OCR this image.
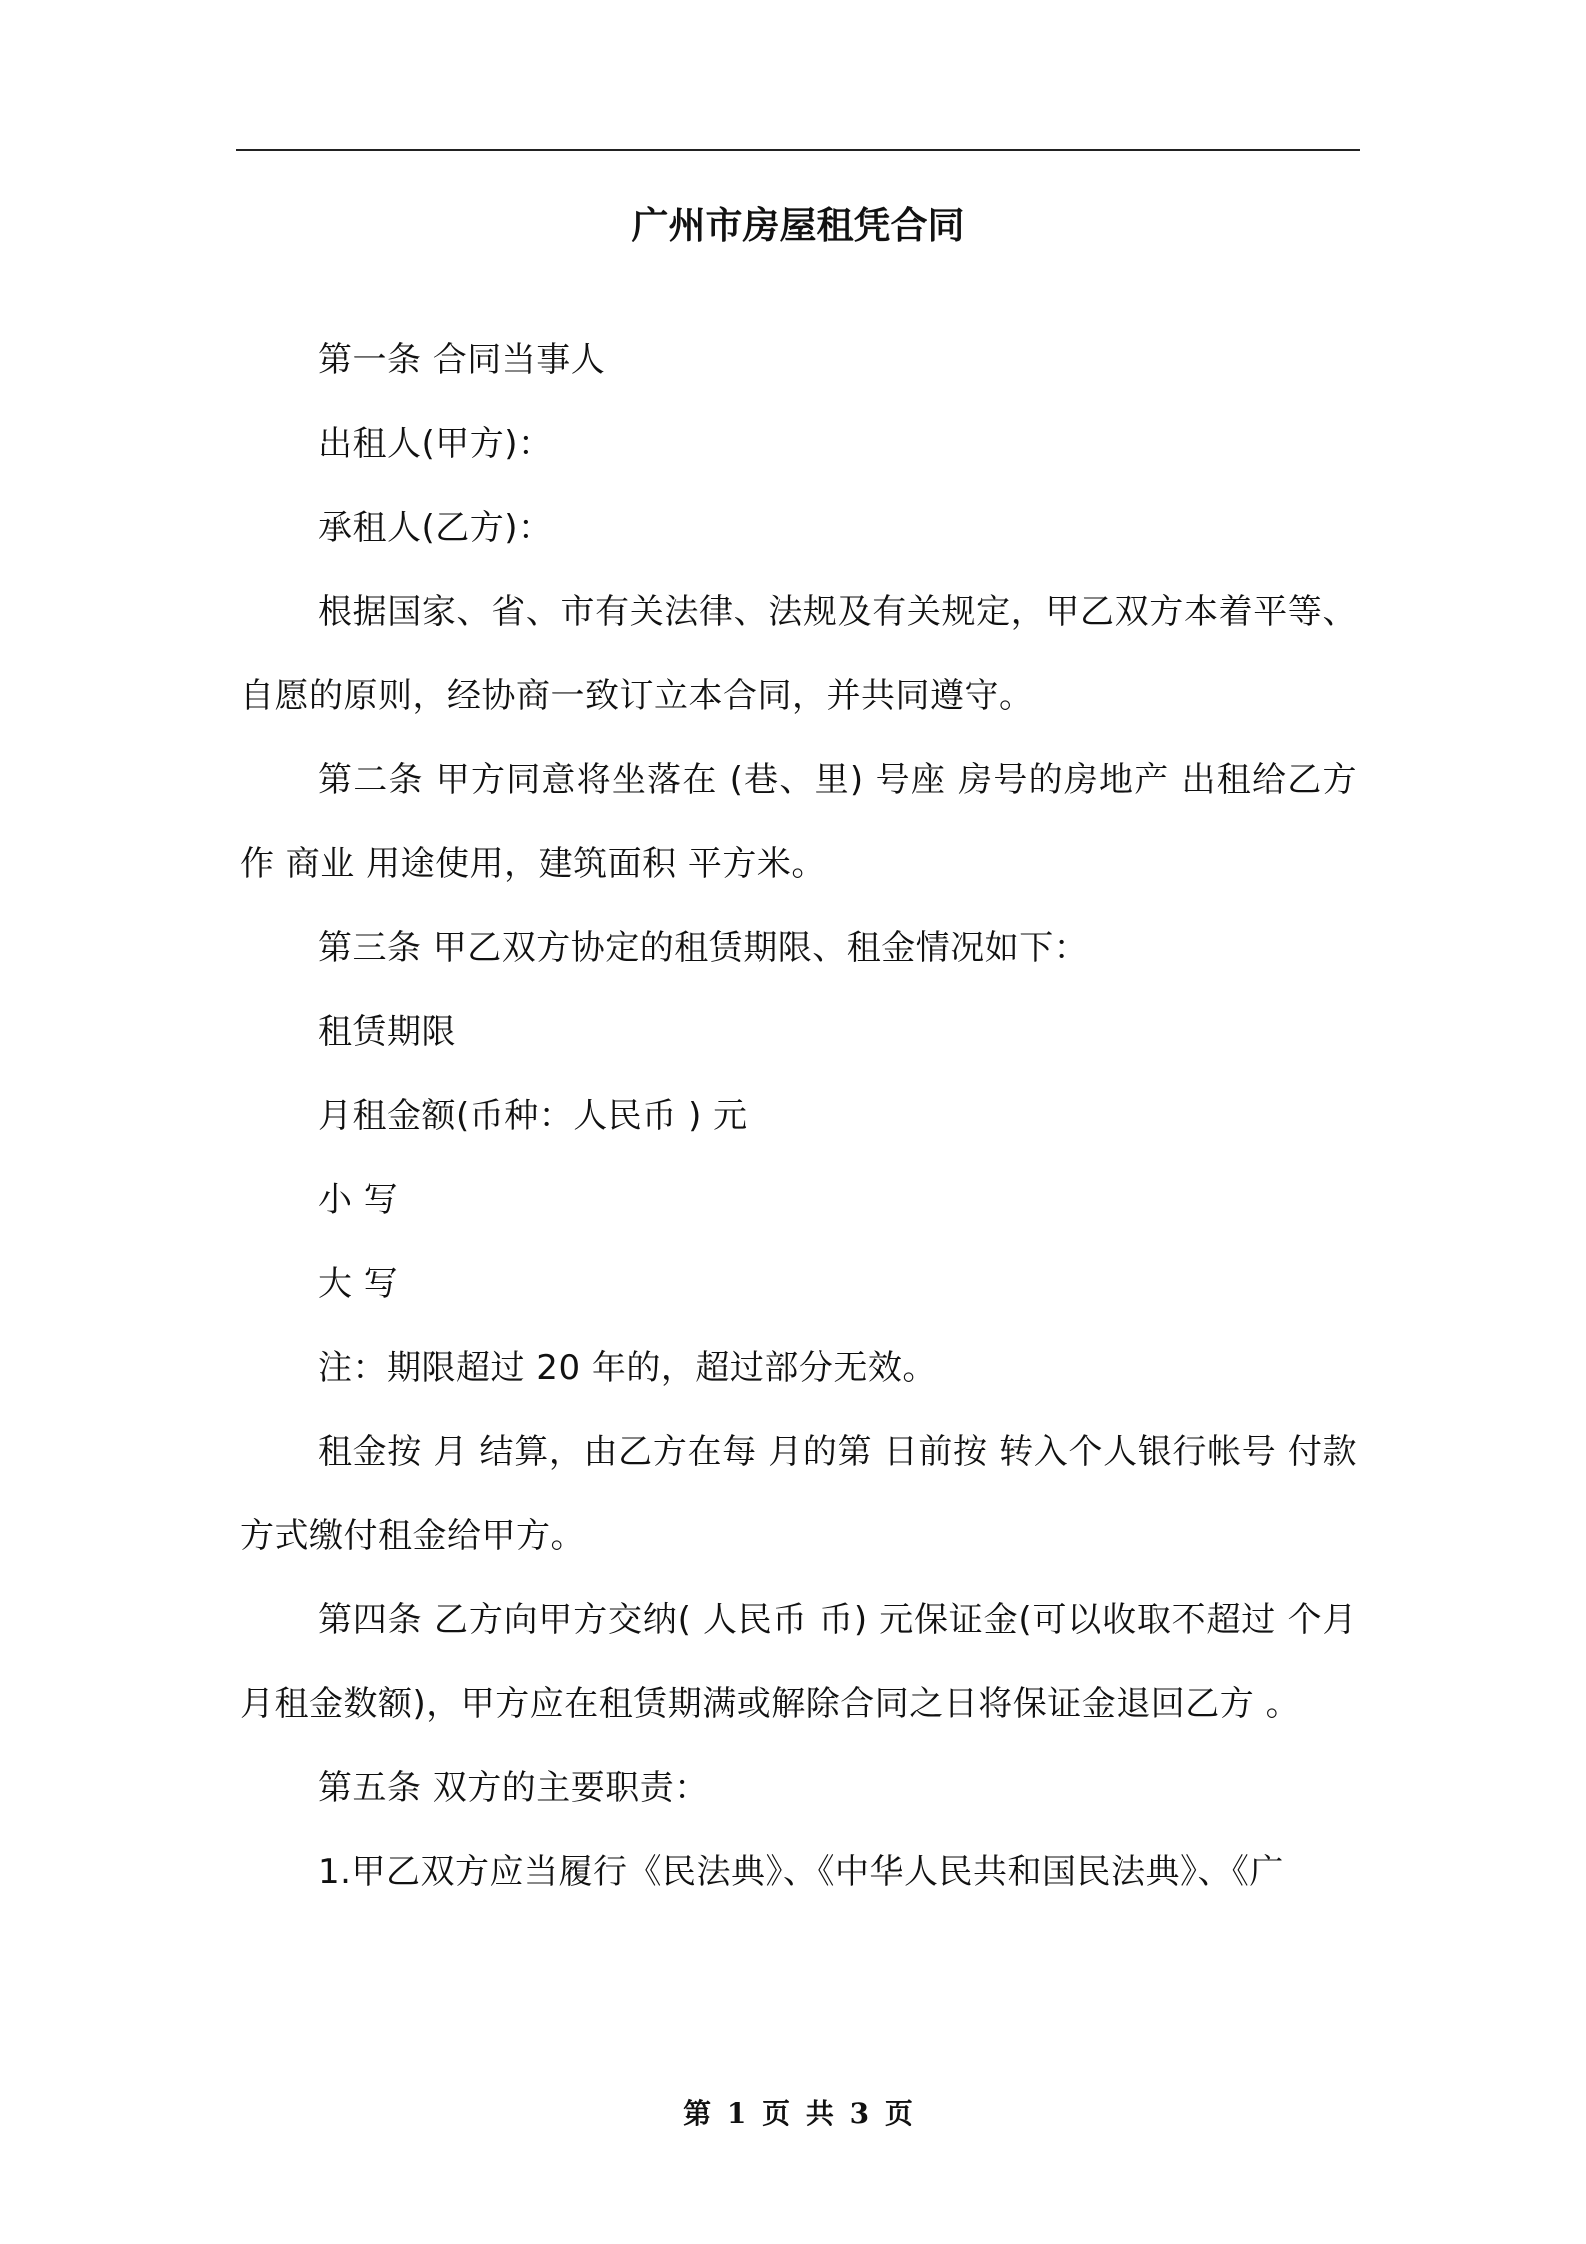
广州市房屋租凭合同

第一条 合同当事人

出租人(甲方)：

承租人(乙方)：

根据国家、省、市有关法律、法规及有关规定，甲乙双方本着平等、自愿的原则，经协商一致订立本合同，并共同遵守。

第二条 甲方同意将坐落在 (巷、里) 号座 房号的房地产 出租给乙方作 商业 用途使用，建筑面积 平方米。

第三条 甲乙双方协定的租赁期限、租金情况如下：

租赁期限

月租金额(币种：人民币 ) 元

小 写

大 写

注：期限超过 20 年的，超过部分无效。

租金按 月 结算，由乙方在每 月的第 日前按 转入个人银行帐号 付款方式缴付租金给甲方。

第四条 乙方向甲方交纳( 人民币 币) 元保证金(可以收取不超过 个月月租金数额)，甲方应在租赁期满或解除合同之日将保证金退回乙方 。

第五条 双方的主要职责：

1.甲乙双方应当履行《民法典》、《中华人民共和国民法典》、《广

第 1 页 共 3 页
